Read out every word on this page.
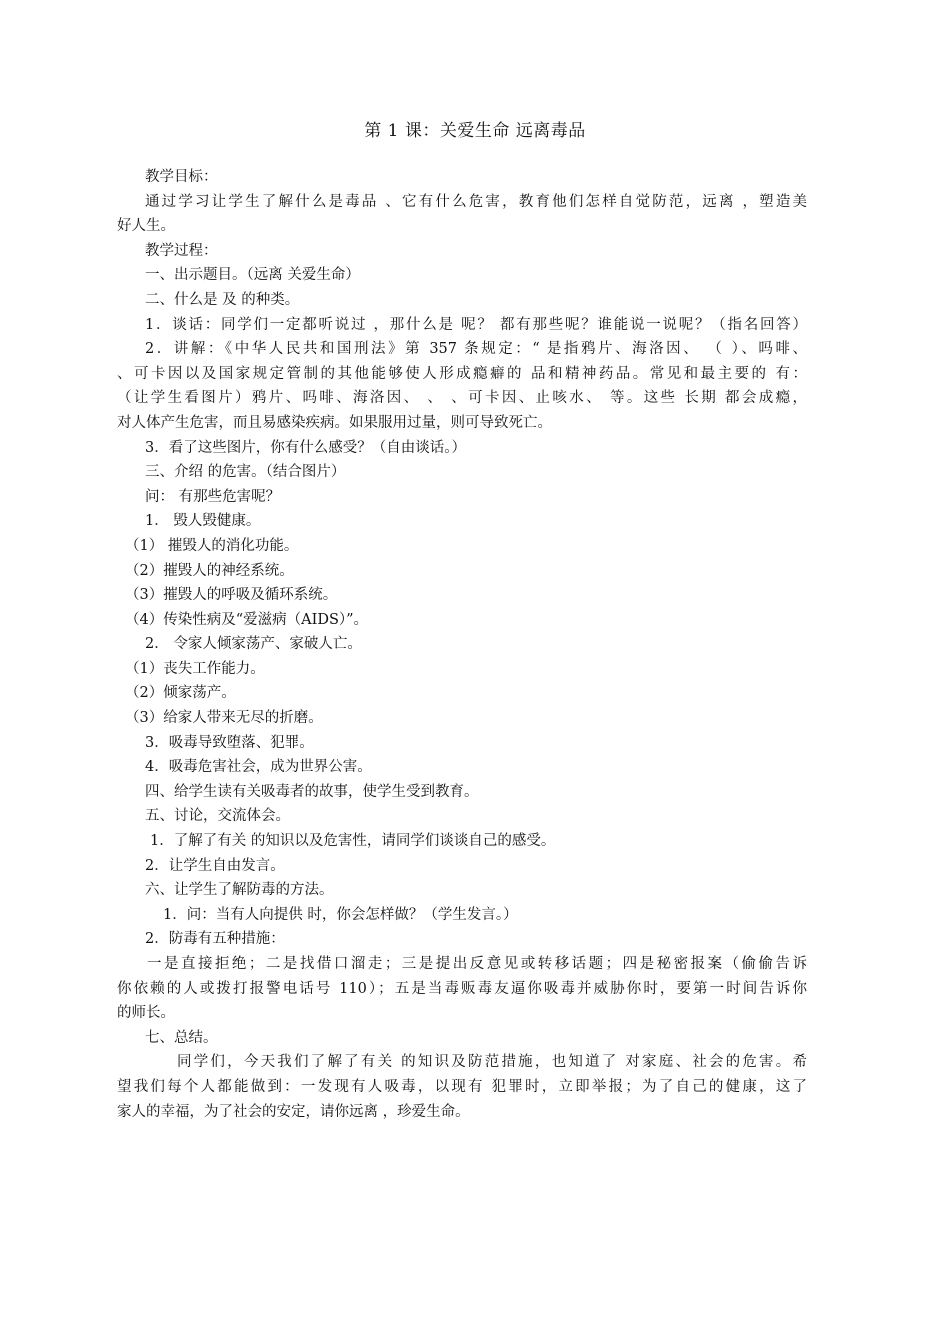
第 1 课：关爱生命 远离毒品
教学目标：
通过学习让学生了解什么是毒品 、它有什么危害，教育他们怎样自觉防范，远离 ，塑造美
好人生。
教学过程：
一、出示题目。（远离 关爱生命）
二、什么是 及 的种类。
1．谈话：同学们一定都听说过 ，那什么是 呢？ 都有那些呢？谁能说一说呢？（指名回答）
2．讲解：《中华人民共和国刑法》第 357 条规定：“ 是指鸦片、海洛因、 （ ）、吗啡、
、可卡因以及国家规定管制的其他能够使人形成瘾癖的 品和精神药品。常见和最主要的 有：
（让学生看图片）鸦片、吗啡、海洛因、 、 、可卡因、止咳水、 等。这些 长期 都会成瘾，
对人体产生危害，而且易感染疾病。如果服用过量，则可导致死亡。
3．看了这些图片，你有什么感受？（自由谈话。）
三、介绍 的危害。（结合图片）
问： 有那些危害呢？
1． 毁人毁健康。
（1） 摧毁人的消化功能。
（2）摧毁人的神经系统。
（3）摧毁人的呼吸及循环系统。
（4）传染性病及“爱滋病（AIDS）”。
2． 令家人倾家荡产、家破人亡。
（1）丧失工作能力。
（2）倾家荡产。
（3）给家人带来无尽的折磨。
3．吸毒导致堕落、犯罪。
4．吸毒危害社会，成为世界公害。
四、给学生读有关吸毒者的故事，使学生受到教育。
五、讨论，交流体会。
1．了解了有关 的知识以及危害性，请同学们谈谈自己的感受。
2．让学生自由发言。
六、让学生了解防毒的方法。
1．问：当有人向提供 时，你会怎样做？（学生发言。）
2．防毒有五种措施：
一是直接拒绝；二是找借口溜走；三是提出反意见或转移话题；四是秘密报案（偷偷告诉
你依赖的人或拨打报警电话号 110）；五是当毒贩毒友逼你吸毒并威胁你时，要第一时间告诉你
的师长。
七、总结。
同学们，今天我们了解了有关 的知识及防范措施，也知道了 对家庭、社会的危害。希
望我们每个人都能做到：一发现有人吸毒，以现有 犯罪时，立即举报；为了自己的健康，这了
家人的幸福，为了社会的安定，请你远离 ，珍爱生命。
